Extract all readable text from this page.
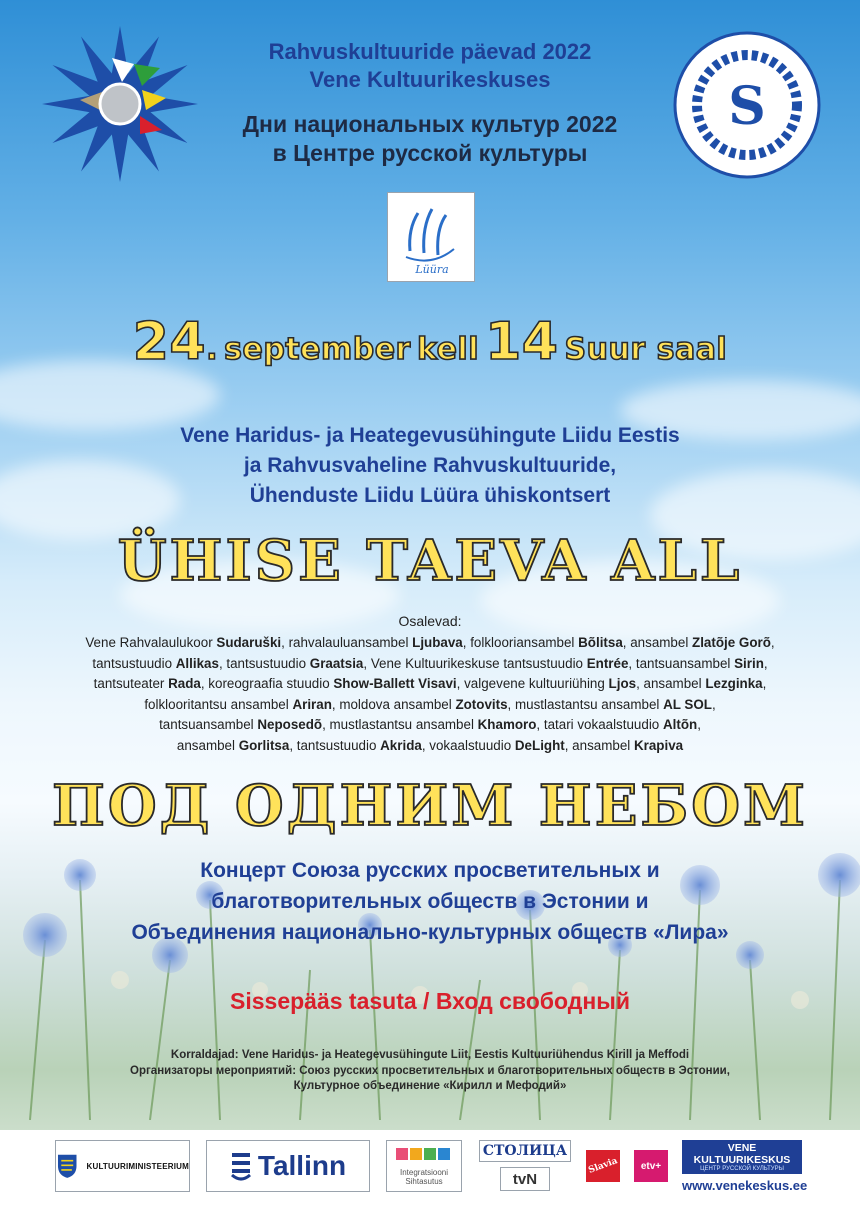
S
Rahvuskultuuride päevad 2022
Vene Kultuurikeskuses
Дни национальных культур 2022
в Центре русской культуры
Lüüra
24. september kell 14 Suur saal
Vene Haridus- ja Heategevusühingute Liidu Eestis
ja Rahvusvaheline Rahvuskultuuride,
Ühenduste Liidu Lüüra ühiskontsert
ÜHISE TAEVA ALL
Osalevad:
Vene Rahvalaulukoor Sudaruški, rahvalauluansambel Ljubava, folklooriansambel Bõlitsa, ansambel Zlatõje Gorõ,
tantsustuudio Allikas, tantsustuudio Graatsia, Vene Kultuurikeskuse tantsustuudio Entrée, tantsuansambel Sirin,
tantsuteater Rada, koreograafia stuudio Show-Ballett Visavi, valgevene kultuuriühing Ljos, ansambel Lezginka,
folklooritantsu ansambel Ariran, moldova ansambel Zotovits, mustlastantsu ansambel AL SOL,
tantsuansambel Neposedõ, mustlastantsu ansambel Khamoro, tatari vokaalstuudio Altõn,
ansambel Gorlitsa, tantsustuudio Akrida, vokaalstuudio DeLight, ansambel Krapiva
ПОД ОДНИМ НЕБОМ
Концерт Союза русских просветительных и
благотворительных обществ в Эстонии и
Объединения национально-культурных обществ «Лира»
Sissepääs tasuta / Вход свободный
Korraldajad: Vene Haridus- ja Heategevusühingute Liit, Eestis Kultuuriühendus Kirill ja Meffodi
Организаторы мероприятий: Союз русских просветительных и благотворительных обществ в Эстонии,
Культурное объединение «Кирилл и Мефодий»
KULTUURIMINISTEERIUM Tallinn	Integratsiooni Sihtasutus
СТОЛИЦА
tvN
Slavia etv+
VENE KULTUURIKESKUS
ЦЕНТР РУССКОЙ КУЛЬТУРЫ
www.venekeskus.ee
